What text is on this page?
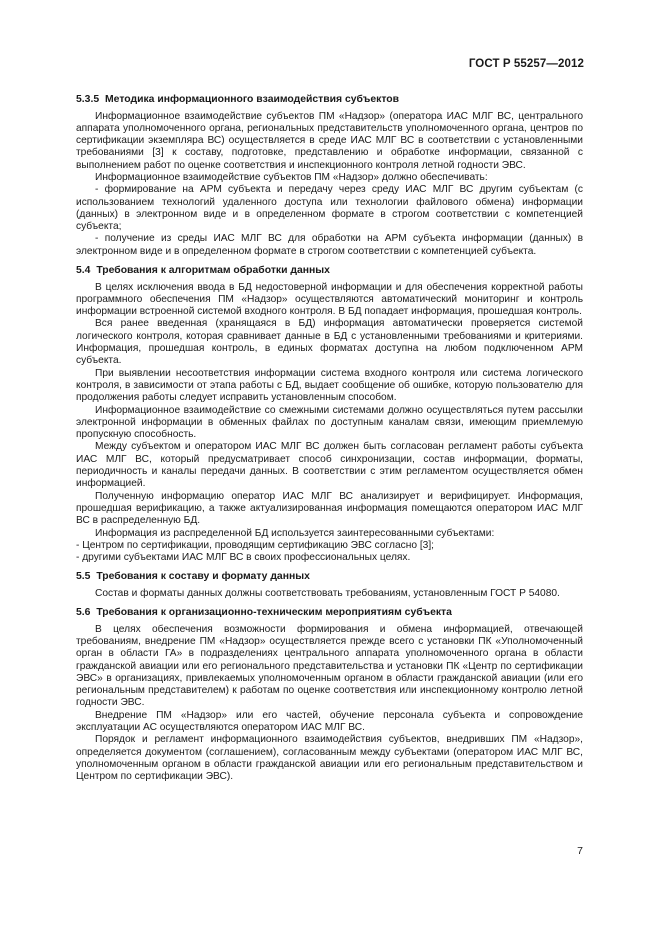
ГОСТ Р 55257—2012
5.3.5 Методика информационного взаимодействия субъектов

Информационное взаимодействие субъектов ПМ «Надзор» (оператора ИАС МЛГ ВС, центрального аппарата уполномоченного органа, региональных представительств уполномоченного органа, центров по сертификации экземпляра ВС) осуществляется в среде ИАС МЛГ ВС в соответствии с установленными требованиями [3] к составу, подготовке, представлению и обработке информации, связанной с выполнением работ по оценке соответствия и инспекционного контроля летной годности ЭВС.

Информационное взаимодействие субъектов ПМ «Надзор» должно обеспечивать:

- формирование на АРМ субъекта и передачу через среду ИАС МЛГ ВС другим субъектам (с использованием технологий удаленного доступа или технологии файлового обмена) информации (данных) в электронном виде и в определенном формате в строгом соответствии с компетенцией субъекта;

- получение из среды ИАС МЛГ ВС для обработки на АРМ субъекта информации (данных) в электронном виде и в определенном формате в строгом соответствии с компетенцией субъекта.

5.4 Требования к алгоритмам обработки данных

В целях исключения ввода в БД недостоверной информации и для обеспечения корректной работы программного обеспечения ПМ «Надзор» осуществляются автоматический мониторинг и контроль информации встроенной системой входного контроля. В БД попадает информация, прошедшая контроль.

Вся ранее введенная (хранящаяся в БД) информация автоматически проверяется системой логического контроля, которая сравнивает данные в БД с установленными требованиями и критериями. Информация, прошедшая контроль, в единых форматах доступна на любом подключенном АРМ субъекта.

При выявлении несоответствия информации система входного контроля или система логического контроля, в зависимости от этапа работы с БД, выдает сообщение об ошибке, которую пользователю для продолжения работы следует исправить установленным способом.

Информационное взаимодействие со смежными системами должно осуществляться путем рассылки электронной информации в обменных файлах по доступным каналам связи, имеющим приемлемую пропускную способность.

Между субъектом и оператором ИАС МЛГ ВС должен быть согласован регламент работы субъекта ИАС МЛГ ВС, который предусматривает способ синхронизации, состав информации, форматы, периодичность и каналы передачи данных. В соответствии с этим регламентом осуществляется обмен информацией.

Полученную информацию оператор ИАС МЛГ ВС анализирует и верифицирует. Информация, прошедшая верификацию, а также актуализированная информация помещаются оператором ИАС МЛГ ВС в распределенную БД.

Информация из распределенной БД используется заинтересованными субъектами:

- Центром по сертификации, проводящим сертификацию ЭВС согласно [3];

- другими субъектами ИАС МЛГ ВС в своих профессиональных целях.

5.5 Требования к составу и формату данных

Состав и форматы данных должны соответствовать требованиям, установленным ГОСТ Р 54080.

5.6 Требования к организационно-техническим мероприятиям субъекта

В целях обеспечения возможности формирования и обмена информацией, отвечающей требованиям, внедрение ПМ «Надзор» осуществляется прежде всего с установки ПК «Уполномоченный орган в области ГА» в подразделениях центрального аппарата уполномоченного органа в области гражданской авиации или его регионального представительства и установки ПК «Центр по сертификации ЭВС» в организациях, привлекаемых уполномоченным органом в области гражданской авиации (или его региональным представителем) к работам по оценке соответствия или инспекционному контролю летной годности ЭВС.

Внедрение ПМ «Надзор» или его частей, обучение персонала субъекта и сопровождение эксплуатации АС осуществляются оператором ИАС МЛГ ВС.

Порядок и регламент информационного взаимодействия субъектов, внедривших ПМ «Надзор», определяется документом (соглашением), согласованным между субъектами (оператором ИАС МЛГ ВС, уполномоченным органом в области гражданской авиации или его региональным представительством и Центром по сертификации ЭВС).

7
